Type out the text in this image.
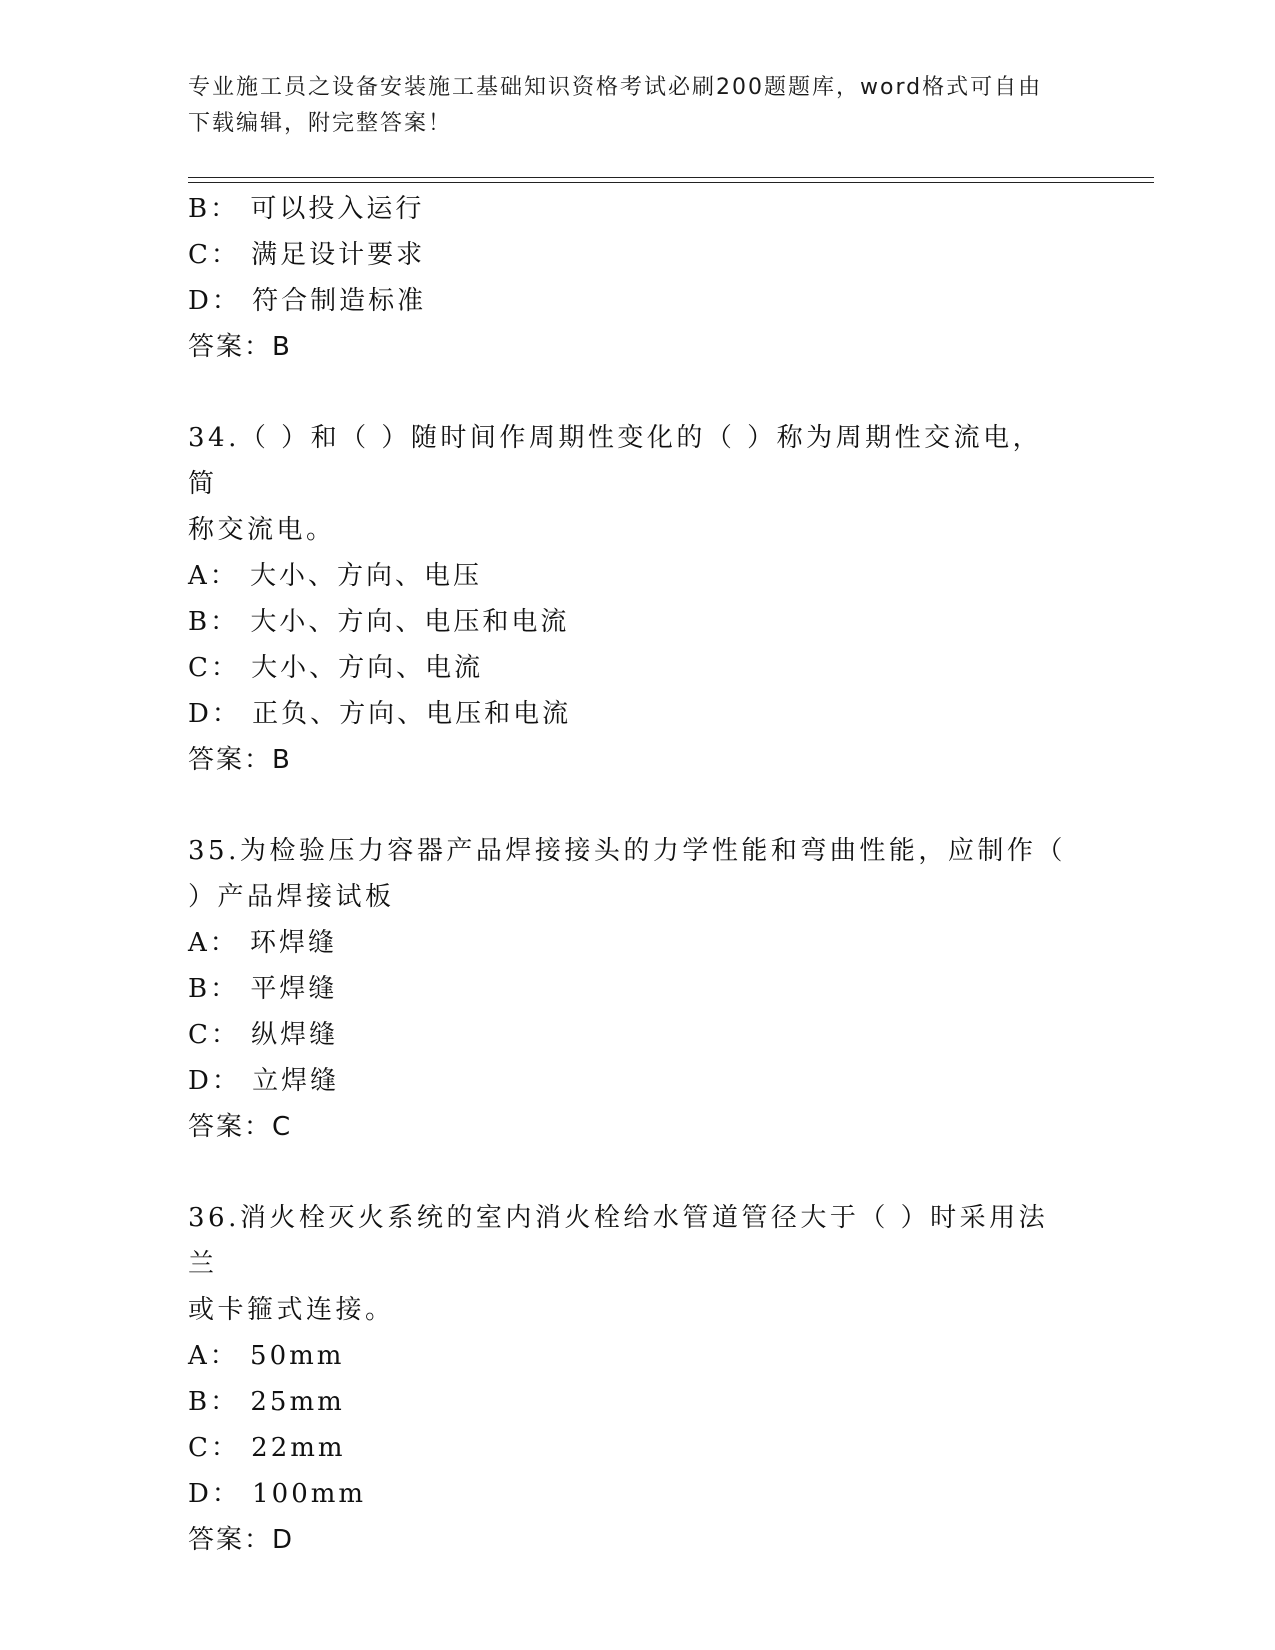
专业施工员之设备安装施工基础知识资格考试必刷200题题库，word格式可自由
下载编辑，附完整答案！
B： 可以投入运行
C： 满足设计要求
D： 符合制造标准
答案：B
34.（ ）和（ ）随时间作周期性变化的（ ）称为周期性交流电，简
称交流电。
A： 大小、方向、电压
B： 大小、方向、电压和电流
C： 大小、方向、电流
D： 正负、方向、电压和电流
答案：B
35.为检验压力容器产品焊接接头的力学性能和弯曲性能，应制作（
）产品焊接试板
A： 环焊缝
B： 平焊缝
C： 纵焊缝
D： 立焊缝
答案：C
36.消火栓灭火系统的室内消火栓给水管道管径大于（ ）时采用法兰
或卡箍式连接。
A： 50mm
B： 25mm
C： 22mm
D： 100mm
答案：D
